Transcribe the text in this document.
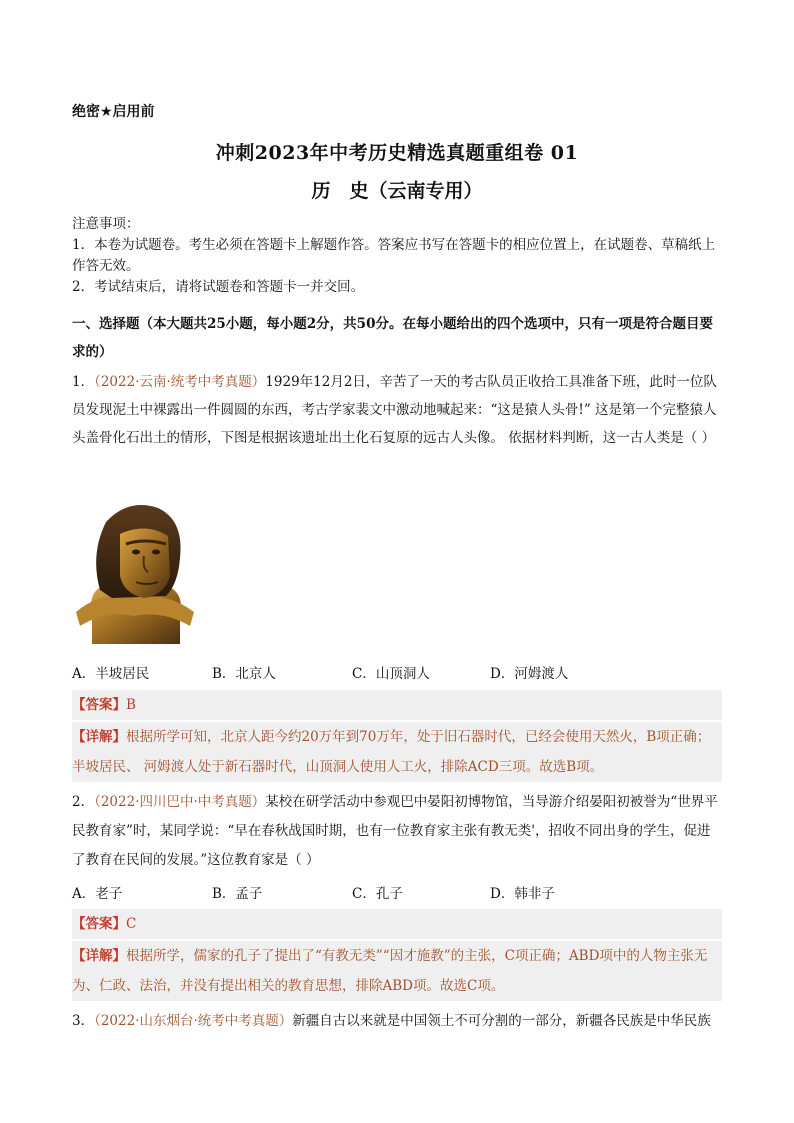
绝密★启用前
冲刺2023年中考历史精选真题重组卷 01
历　史（云南专用）
注意事项：
1．本卷为试题卷。考生必须在答题卡上解题作答。答案应书写在答题卡的相应位置上，在试题卷、草稿纸上作答无效。
2．考试结束后，请将试题卷和答题卡一并交回。
一、选择题（本大题共25小题，每小题2分，共50分。在每小题给出的四个选项中，只有一项是符合题目要求的）
1．（2022·云南·统考中考真题）1929年12月2日，辛苦了一天的考古队员正收拾工具准备下班，此时一位队员发现泥土中裸露出一件圆圆的东西，考古学家裴文中激动地喊起来：“这是猿人头骨!” 这是第一个完整猿人头盖骨化石出土的情形，下图是根据该遗址出土化石复原的远古人头像。 依据材料判断，这一古人类是（ ）
A．半坡居民	B．北京人	C．山顶洞人	D．河姆渡人
【答案】B
【详解】根据所学可知，北京人距今约20万年到70万年，处于旧石器时代，已经会使用天然火，B项正确；半坡居民、 河姆渡人处于新石器时代，山顶洞人使用人工火，排除ACD三项。故选B项。
2．（2022·四川巴中·中考真题）某校在研学活动中参观巴中晏阳初博物馆，当导游介绍晏阳初被誉为“世界平民教育家”时，某同学说：“早在春秋战国时期，也有一位教育家主张有教无类'，招收不同出身的学生，促进了教育在民间的发展。”这位教育家是（ ）
A．老子	B．孟子	C．孔子	D．韩非子
【答案】C
【详解】根据所学，儒家的孔子了提出了“有教无类”“因才施教”的主张，C项正确；ABD项中的人物主张无为、仁政、法治，并没有提出相关的教育思想，排除ABD项。故选C项。
3．（2022·山东烟台·统考中考真题）新疆自古以来就是中国领土不可分割的一部分，新疆各民族是中华民族
